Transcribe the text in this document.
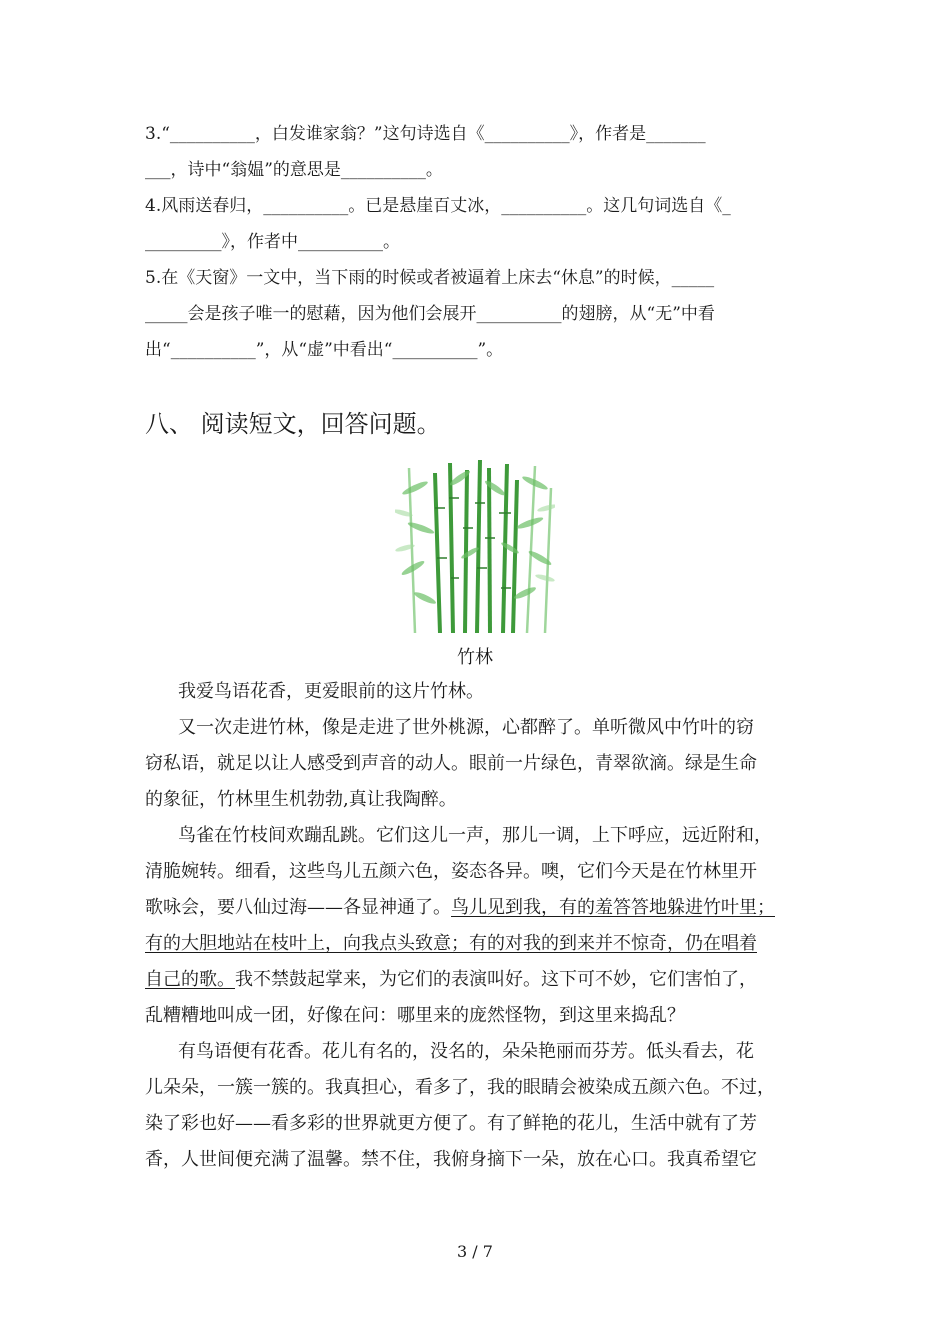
3.“__________，白发谁家翁？”这句诗选自《__________》，作者是_______
___，诗中“翁媪”的意思是__________。
4.风雨送春归，__________。已是悬崖百丈冰，__________。这几句词选自《_
_________》，作者中__________。
5.在《天窗》一文中，当下雨的时候或者被逼着上床去“休息”的时候，_____
_____会是孩子唯一的慰藉，因为他们会展开__________的翅膀，从“无”中看
出“__________”，从“虚”中看出“__________”。
八、 阅读短文，回答问题。
竹林
我爱鸟语花香，更爱眼前的这片竹林。
又一次走进竹林，像是走进了世外桃源，心都醉了。单听微风中竹叶的窃
窃私语，就足以让人感受到声音的动人。眼前一片绿色，青翠欲滴。绿是生命
的象征，竹林里生机勃勃,真让我陶醉。
鸟雀在竹枝间欢蹦乱跳。它们这儿一声，那儿一调，上下呼应，远近附和，
清脆婉转。细看，这些鸟儿五颜六色，姿态各异。噢，它们今天是在竹林里开
歌咏会，要八仙过海——各显神通了。鸟儿见到我，有的羞答答地躲进竹叶里；
有的大胆地站在枝叶上，向我点头致意；有的对我的到来并不惊奇，仍在唱着
自己的歌。我不禁鼓起掌来，为它们的表演叫好。这下可不妙，它们害怕了，
乱糟糟地叫成一团，好像在问：哪里来的庞然怪物，到这里来捣乱？
有鸟语便有花香。花儿有名的，没名的，朵朵艳丽而芬芳。低头看去，花
儿朵朵，一簇一簇的。我真担心，看多了，我的眼睛会被染成五颜六色。不过，
染了彩也好——看多彩的世界就更方便了。有了鲜艳的花儿，生活中就有了芳
香，人世间便充满了温馨。禁不住，我俯身摘下一朵，放在心口。我真希望它
3 / 7
